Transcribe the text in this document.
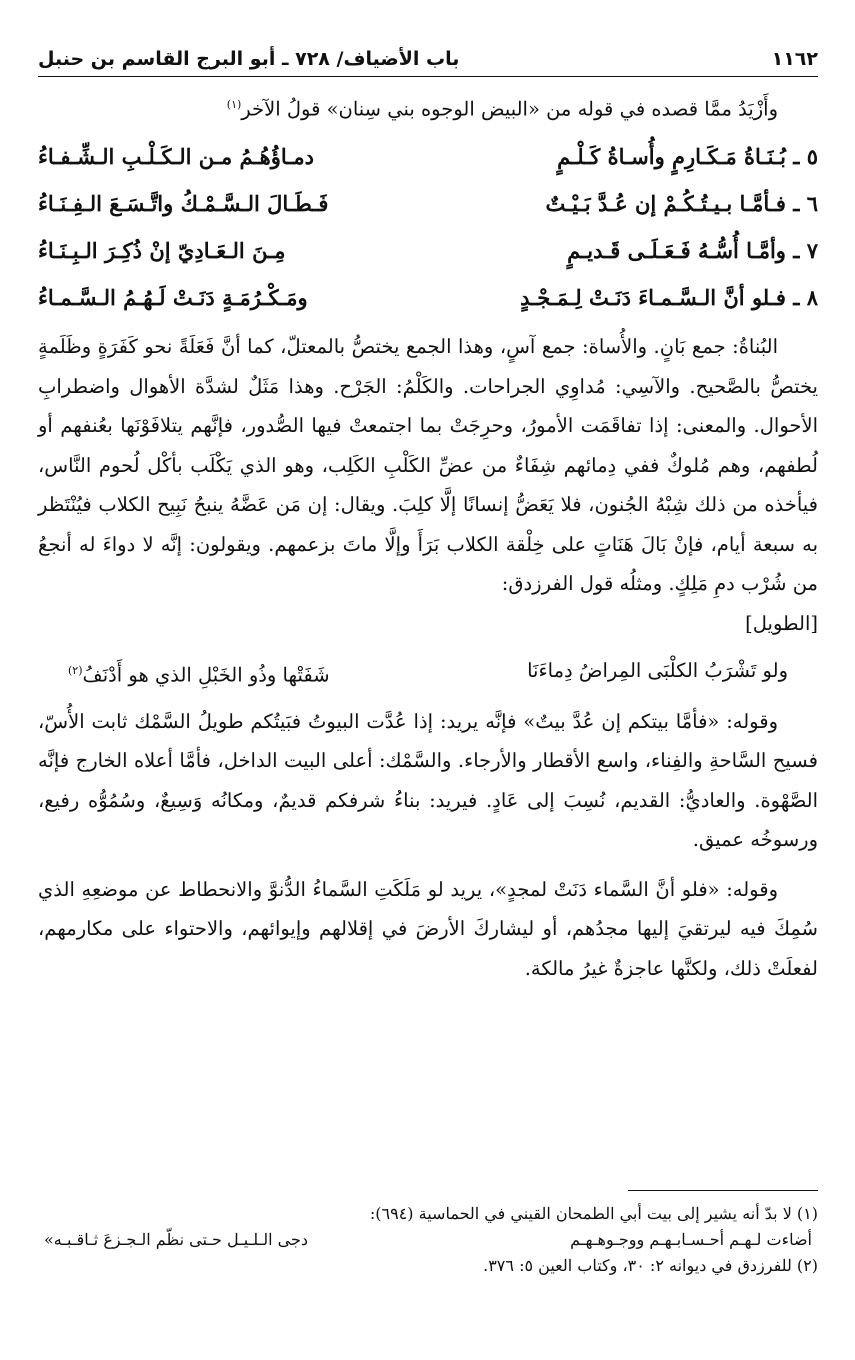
١١٦٢
باب الأضياف/ ٧٢٨ ـ أبو البرج القاسم بن حنبل

وأَزْيَدُ ممَّا قصده في قوله من «البيض الوجوه بني سِنان» قولُ الآخر$^{(١)}$

٥ ـ بُـنَـاةُ مَـكَـارِمٍ وأُسـاةُ كَـلْـمٍ
دمـاؤُهُـمُ مـن الـكَـلْـبِ الـشِّـفـاءُ
٦ ـ فـأمَّـا بـيـتُـكُـمْ إن عُـدَّ بَـيْـتٌ
فَـطَـالَ الـسَّـمْـكُ واتَّـسَـعَ الـفِـنَـاءُ
٧ ـ وأمَّـا أُسُّـهُ فَـعَـلَـى قَـديـمٍ
مِـنَ الـعَـادِيّ إنْ ذُكِـرَ الـبِـنَـاءُ
٨ ـ فـلو أنَّ الـسَّـمـاءَ دَنَـتْ لِـمَـجْـدٍ
ومَـكْـرُمَـةٍ دَنَـتْ لَـهُـمُ الـسَّـمـاءُ

البُناةُ: جمع بَانٍ. والأُساة: جمع آسٍ، وهذا الجمع يختصُّ بالمعتلّ، كما أنَّ فَعَلَةً نحو كَفَرَةٍ وظَلَمةٍ يختصُّ بالصَّحيح. والآسِي: مُداوِي الجراحات. والكَلْمُ: الجَرْح. وهذا مَثَلٌ لشدَّة الأهوال واضطرابِ الأحوال. والمعنى: إذا تفاقَمَت الأمورُ، وحرِجَتْ بما اجتمعتْ فيها الصُّدور، فإنَّهم يتلافَوْنَها بعُنفهم أو لُطفهم، وهم مُلوكٌ ففي دِمائهم شِفَاءٌ من عضِّ الكَلْبِ الكَلِب، وهو الذي يَكْلَب بأكْل لُحوم النَّاس، فيأخذه من ذلك شِبْهُ الجُنون، فلا يَعَضُّ إنسانًا إلَّا كلِبَ. ويقال: إن مَن عَضَّهُ ينبحُ نَبِيح الكلاب فيُنْتَظر به سبعة أيام، فإنْ بَالَ هَنَاتٍ على خِلْقة الكلاب بَرَأَ وإلَّا ماتَ بزعمهم. ويقولون: إنَّه لا دواءَ له أنجعُ من شُرْب دمِ مَلِكٍ. ومثلُه قول الفرزدق:

[الطويل]
ولو تَشْرَبُ الكلْبَى المِراضُ دِماءَنَا
شَفَتْها وذُو الخَبْلِ الذي هو أَدْنَفُ$^{(٢)}$

وقوله: «فأمَّا بيتكم إن عُدَّ بيتٌ» فإنَّه يريد: إذا عُدَّت البيوتُ فبَيتُكم طويلُ السَّمْك ثابت الأُسّ، فسيح السَّاحةِ والفِناء، واسع الأقطار والأرجاء. والسَّمْك: أعلى البيت الداخل، فأمَّا أعلاه الخارج فإنَّه الصَّهْوة. والعاديُّ: القديم، نُسِبَ إلى عَادٍ. فيريد: بناءُ شرفكم قديمٌ، ومكانُه وَسِيعٌ، وسُمُوُّه رفيع، ورسوخُه عميق.

وقوله: «فلو أنَّ السَّماء دَنَتْ لمجدٍ»، يريد لو مَلَكَتِ السَّماءُ الدُّنوَّ والانحطاط عن موضعِهِ الذي سُمِكَ فيه ليرتقيَ إليها مجدُهم، أو ليشاركَ الأرضَ في إقلالهم وإيوائهم، والاحتواء على مكارمهم، لفعلَتْ ذلك، ولكنَّها عاجزةٌ غيرُ مالكة.

(١) لا بدّ أنه يشير إلى بيت أبي الطمحان القيني في الحماسية (٦٩٤):
أضاءت لـهـم أحـسـابـهـم ووجـوهـهـم
دجى الـلـيـل حـتى نظّم الـجـزعَ ثـاقـبـه»
(٢) للفرزدق في ديوانه ٢: ٣٠، وكتاب العين ٥: ٣٧٦.
